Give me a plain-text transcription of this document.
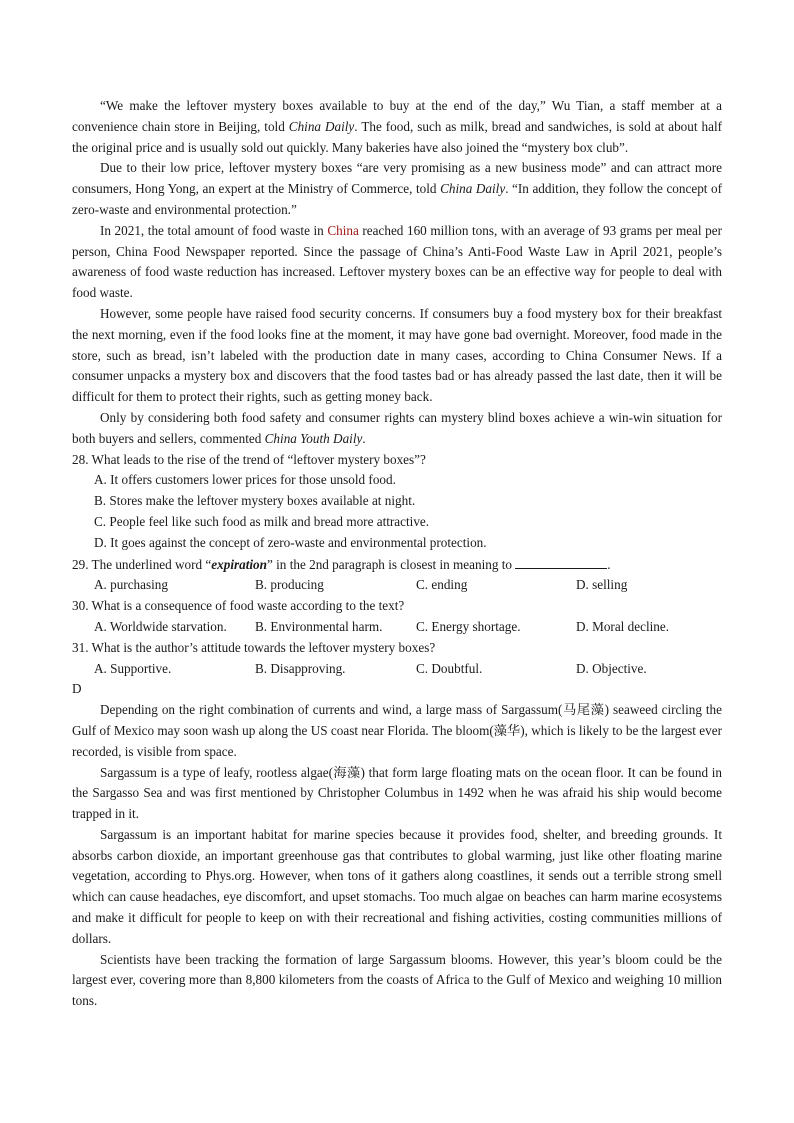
“We make the leftover mystery boxes available to buy at the end of the day,” Wu Tian, a staff member at a convenience chain store in Beijing, told China Daily. The food, such as milk, bread and sandwiches, is sold at about half the original price and is usually sold out quickly. Many bakeries have also joined the “mystery box club”.

Due to their low price, leftover mystery boxes “are very promising as a new business mode” and can attract more consumers, Hong Yong, an expert at the Ministry of Commerce, told China Daily. “In addition, they follow the concept of zero-waste and environmental protection.”

In 2021, the total amount of food waste in China reached 160 million tons, with an average of 93 grams per meal per person, China Food Newspaper reported. Since the passage of China’s Anti-Food Waste Law in April 2021, people’s awareness of food waste reduction has increased. Leftover mystery boxes can be an effective way for people to deal with food waste.

However, some people have raised food security concerns. If consumers buy a food mystery box for their breakfast the next morning, even if the food looks fine at the moment, it may have gone bad overnight. Moreover, food made in the store, such as bread, isn’t labeled with the production date in many cases, according to China Consumer News. If a consumer unpacks a mystery box and discovers that the food tastes bad or has already passed the last date, then it will be difficult for them to protect their rights, such as getting money back.

Only by considering both food safety and consumer rights can mystery blind boxes achieve a win-win situation for both buyers and sellers, commented China Youth Daily.

28. What leads to the rise of the trend of “leftover mystery boxes”?

A. It offers customers lower prices for those unsold food.

B. Stores make the leftover mystery boxes available at night.

C. People feel like such food as milk and bread more attractive.

D. It goes against the concept of zero-waste and environmental protection.

29. The underlined word “expiration” in the 2nd paragraph is closest in meaning to	.

A. purchasing	B. producing	C. ending	D. selling

30. What is a consequence of food waste according to the text?

A. Worldwide starvation.	B. Environmental harm.	C. Energy shortage.	D. Moral decline.

31. What is the author’s attitude towards the leftover mystery boxes?

A. Supportive.	B. Disapproving.	C. Doubtful.	D. Objective.

D

Depending on the right combination of currents and wind, a large mass of Sargassum(马尾藻) seaweed circling the Gulf of Mexico may soon wash up along the US coast near Florida. The bloom(藻华), which is likely to be the largest ever recorded, is visible from space.

Sargassum is a type of leafy, rootless algae(海藻) that form large floating mats on the ocean floor. It can be found in the Sargasso Sea and was first mentioned by Christopher Columbus in 1492 when he was afraid his ship would become trapped in it.

Sargassum is an important habitat for marine species because it provides food, shelter, and breeding grounds. It absorbs carbon dioxide, an important greenhouse gas that contributes to global warming, just like other floating marine vegetation, according to Phys.org. However, when tons of it gathers along coastlines, it sends out a terrible strong smell which can cause headaches, eye discomfort, and upset stomachs. Too much algae on beaches can harm marine ecosystems and make it difficult for people to keep on with their recreational and fishing activities, costing communities millions of dollars.

Scientists have been tracking the formation of large Sargassum blooms. However, this year’s bloom could be the largest ever, covering more than 8,800 kilometers from the coasts of Africa to the Gulf of Mexico and weighing 10 million tons.
